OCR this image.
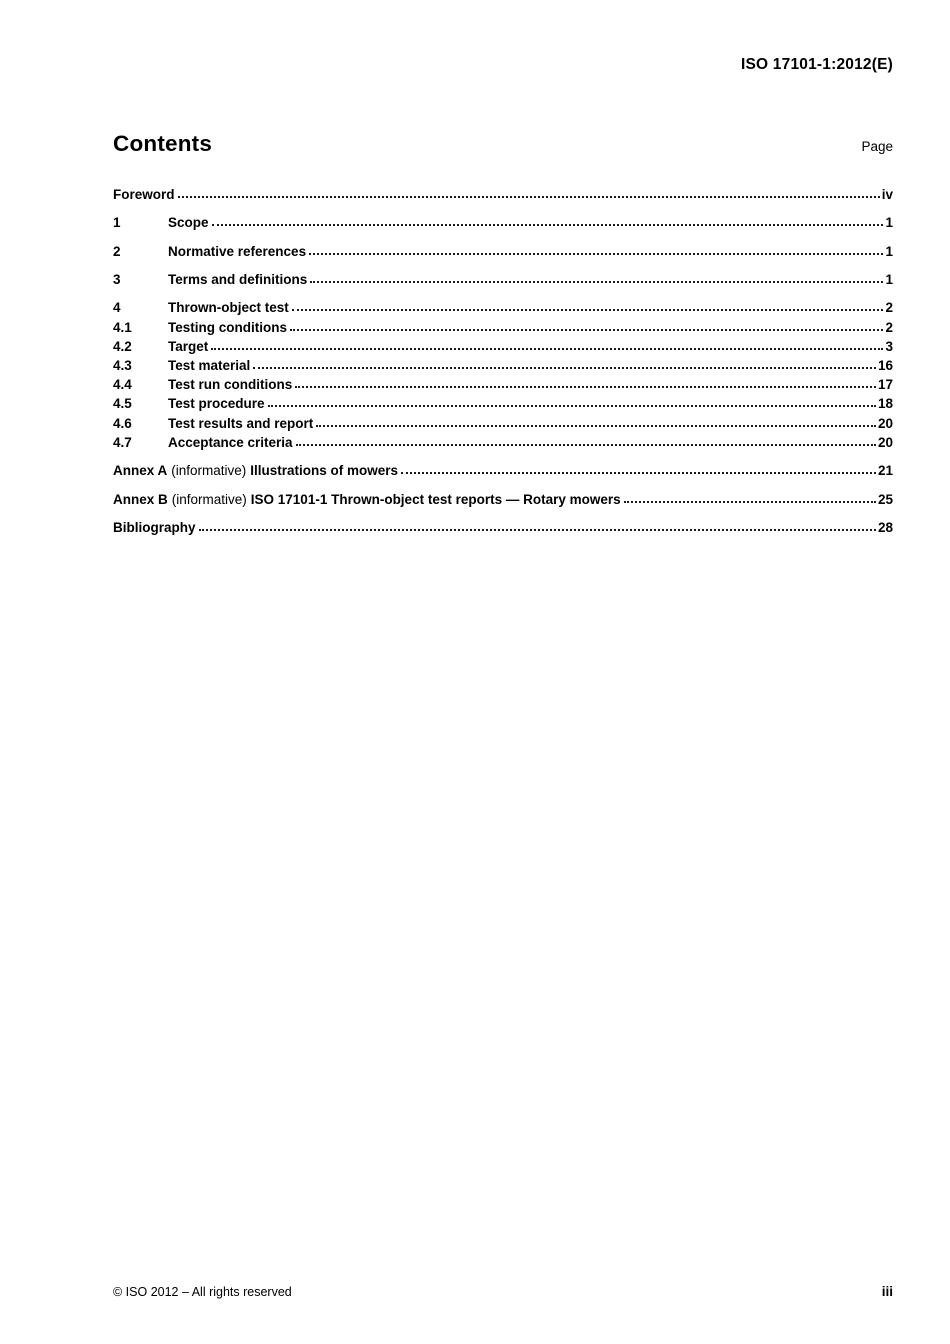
ISO 17101-1:2012(E)
Contents	Page
Foreword	iv
1	Scope	1
2	Normative references	1
3	Terms and definitions	1
4	Thrown-object test	2
4.1	Testing conditions	2
4.2	Target	3
4.3	Test material	16
4.4	Test run conditions	17
4.5	Test procedure	18
4.6	Test results and report	20
4.7	Acceptance criteria	20
Annex A (informative) Illustrations of mowers	21
Annex B (informative) ISO 17101-1 Thrown-object test reports — Rotary mowers	25
Bibliography	28
© ISO 2012 – All rights reserved	iii
